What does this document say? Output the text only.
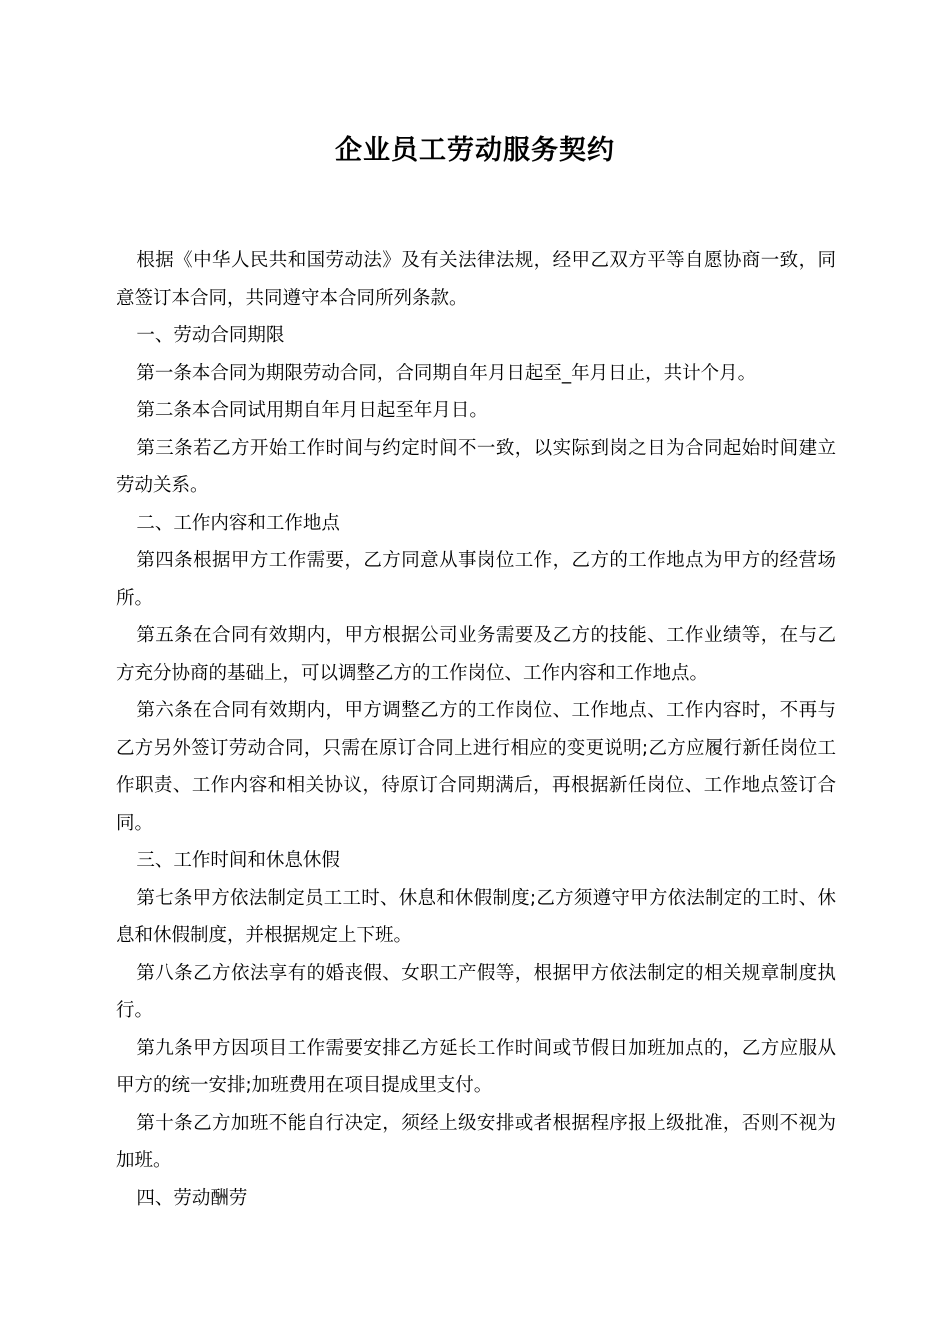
企业员工劳动服务契约

根据《中华人民共和国劳动法》及有关法律法规，经甲乙双方平等自愿协商一致，同意签订本合同，共同遵守本合同所列条款。

一、劳动合同期限

第一条本合同为期限劳动合同，合同期自年月日起至_年月日止，共计个月。

第二条本合同试用期自年月日起至年月日。

第三条若乙方开始工作时间与约定时间不一致，以实际到岗之日为合同起始时间建立劳动关系。

二、工作内容和工作地点

第四条根据甲方工作需要，乙方同意从事岗位工作，乙方的工作地点为甲方的经营场所。

第五条在合同有效期内，甲方根据公司业务需要及乙方的技能、工作业绩等，在与乙方充分协商的基础上，可以调整乙方的工作岗位、工作内容和工作地点。

第六条在合同有效期内，甲方调整乙方的工作岗位、工作地点、工作内容时，不再与乙方另外签订劳动合同，只需在原订合同上进行相应的变更说明;乙方应履行新任岗位工作职责、工作内容和相关协议，待原订合同期满后，再根据新任岗位、工作地点签订合同。

三、工作时间和休息休假

第七条甲方依法制定员工工时、休息和休假制度;乙方须遵守甲方依法制定的工时、休息和休假制度，并根据规定上下班。

第八条乙方依法享有的婚丧假、女职工产假等，根据甲方依法制定的相关规章制度执行。

第九条甲方因项目工作需要安排乙方延长工作时间或节假日加班加点的，乙方应服从甲方的统一安排;加班费用在项目提成里支付。

第十条乙方加班不能自行决定，须经上级安排或者根据程序报上级批准，否则不视为加班。

四、劳动酬劳
